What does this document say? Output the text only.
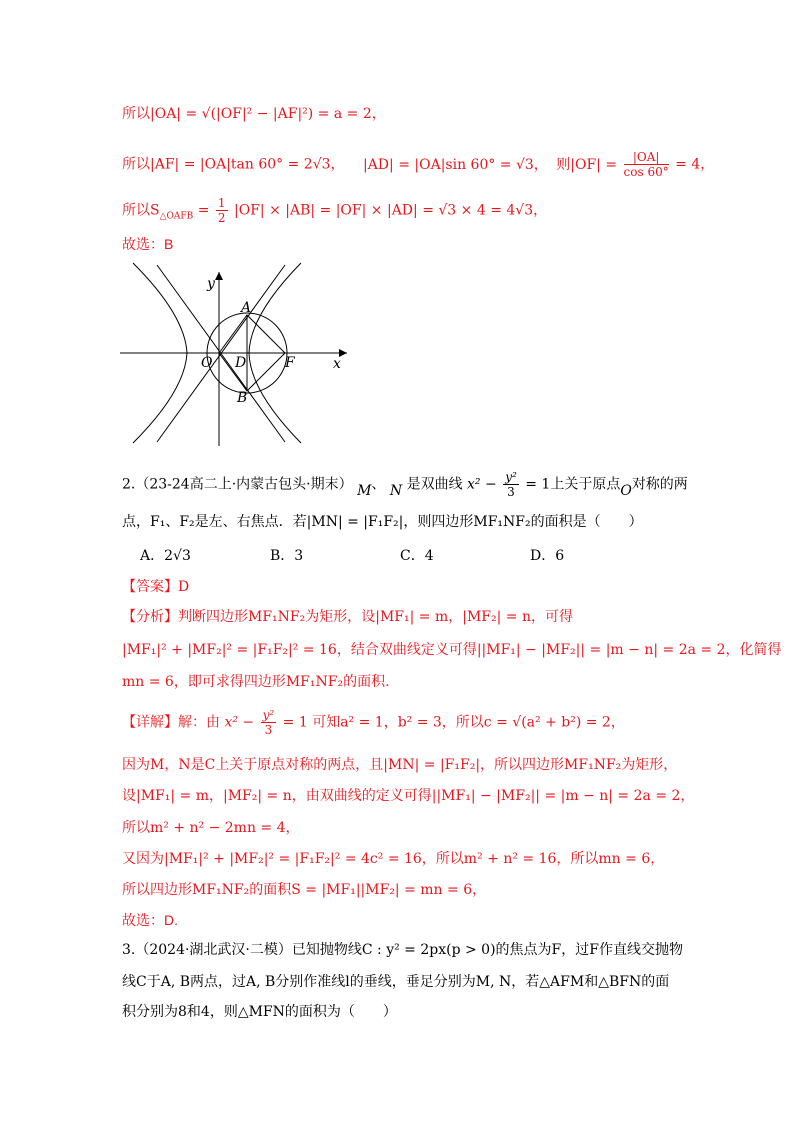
所以|OA| = √(|OF|² − |AF|²) = a = 2，
所以|AF| = |OA|tan 60° = 2√3， |AD| = |OA|sin 60° = √3， 则$|OF| = \frac{|OA|}{\cos 60^\circ} = 4$，
所以$S_{\triangle OAFB} = \frac{1}{2} |OF| \times |AB| = |OF| \times |AD| = √3 \times 4 = 4√3$，
故选：B
x
y
O
A
B
D	F
2.（23-24高二上·内蒙古包头·期末） M、 N 是双曲线 $x^2 - \frac{\text{y²}}{3} = 1$上关于原点O对称的两
点，F₁、F₂是左、右焦点．若|MN| = |F₁F₂|，则四边形MF₁NF₂的面积是（　　）
A．2√3	B．3	C．4	D．6
【答案】D
【分析】判断四边形MF₁NF₂为矩形，设|MF₁| = m，|MF₂| = n，可得
|MF₁|² + |MF₂|² = |F₁F₂|² = 16，结合双曲线定义可得||MF₁| − |MF₂|| = |m − n| = 2a = 2，化简得
mn = 6，即可求得四边形MF₁NF₂的面积.
【详解】解：由 $x^2 - \frac{\text{y²}}{3} = 1$ 可知a² = 1，b² = 3，所以c = √(a² + b²) = 2，
因为M，N是C上关于原点对称的两点，且|MN| = |F₁F₂|，所以四边形MF₁NF₂为矩形，
设|MF₁| = m，|MF₂| = n，由双曲线的定义可得||MF₁| − |MF₂|| = |m − n| = 2a = 2，
所以m² + n² − 2mn = 4，
又因为|MF₁|² + |MF₂|² = |F₁F₂|² = 4c² = 16，所以m² + n² = 16，所以mn = 6，
所以四边形MF₁NF₂的面积S = |MF₁||MF₂| = mn = 6，
故选：D.
3.（2024·湖北武汉·二模）已知抛物线C : y² = 2px(p > 0)的焦点为F，过F作直线交抛物
线C于A, B两点，过A, B分别作准线l的垂线，垂足分别为M, N，若△AFM和△BFN的面
积分别为8和4，则△MFN的面积为（　　）
